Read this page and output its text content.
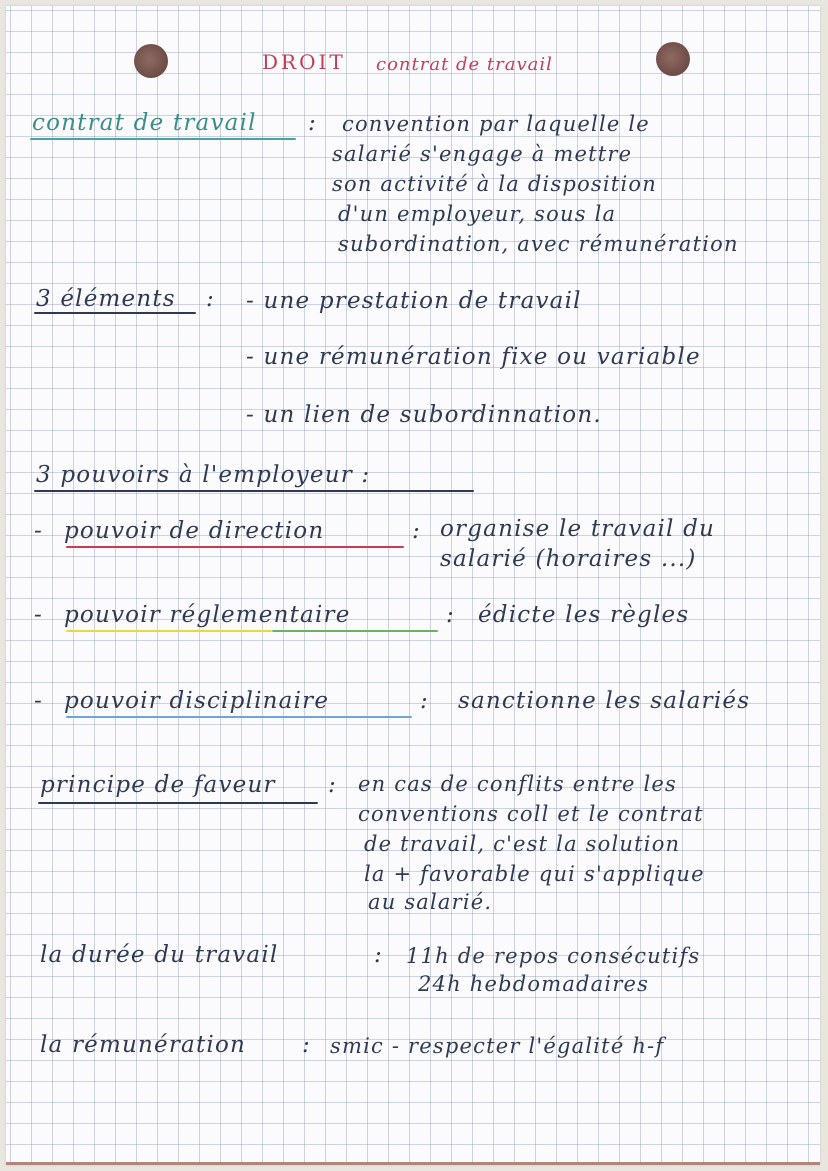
DROIT contrat de travail
contrat de travail : convention par laquelle le
salarié s'engage à mettre
son activité à la disposition
d'un employeur, sous la
subordination, avec rémunération
3 éléments : - une prestation de travail
- une rémunération fixe ou variable
- un lien de subordinnation.
3 pouvoirs à l'employeur :
- pouvoir de direction	: organise le travail du
salarié (horaires ...)
- pouvoir réglementaire	: édicte les règles
- pouvoir disciplinaire	: sanctionne les salariés
principe de faveur : en cas de conflits entre les
conventions coll et le contrat
de travail, c'est la solution
la + favorable qui s'applique
au salarié.
la durée du travail	: 11h de repos consécutifs
24h hebdomadaires
la rémunération : smic - respecter l'égalité h-f
